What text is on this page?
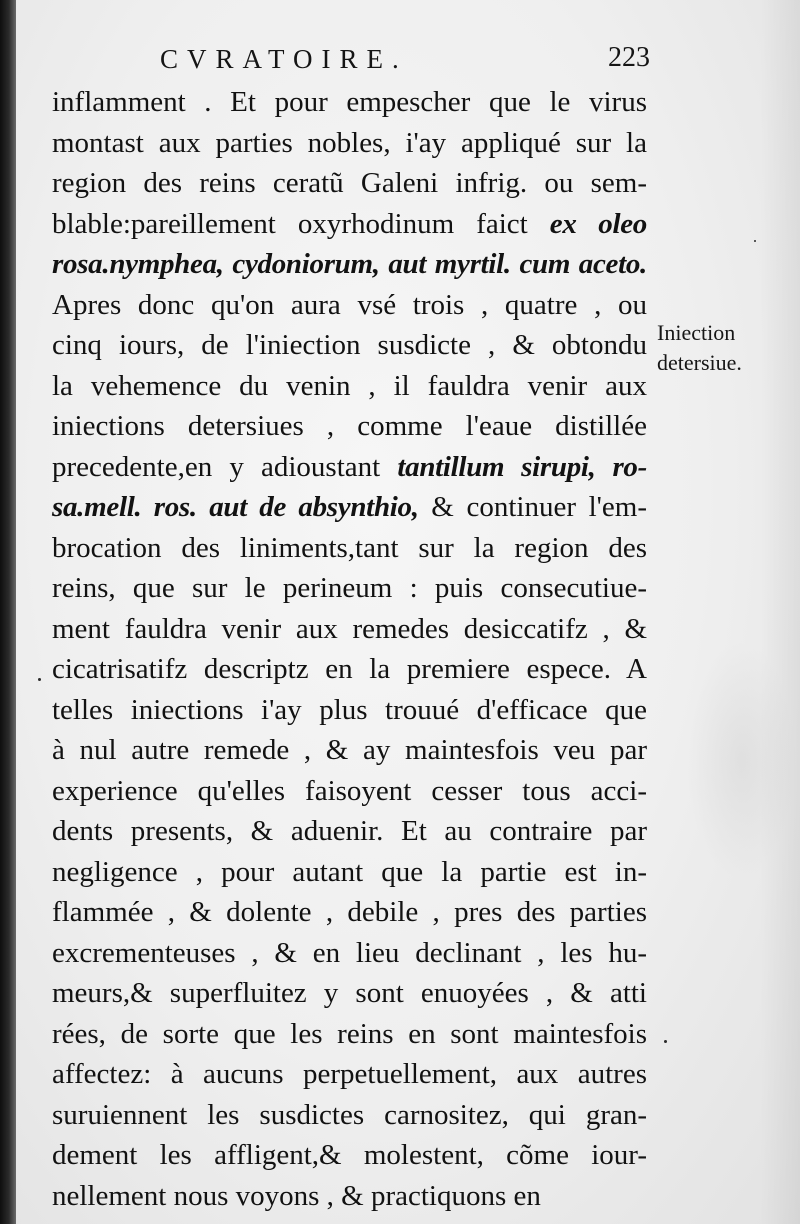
CVRATOIRE.	223
inflamment . Et pour empescher que le virus
montast aux parties nobles, i'ay appliqué sur la
region des reins ceratũ Galeni infrig. ou sem-
blable:pareillement oxyrhodinum faict ex oleo
rosa.nymphea, cydoniorum, aut myrtil. cum aceto.
Apres donc qu'on aura vsé trois , quatre , ou
cinq iours, de l'iniection susdicte , & obtondu
la vehemence du venin , il fauldra venir aux
iniections detersiues , comme l'eaue distillée
precedente,en y adioustant tantillum sirupi, ro-
sa.mell. ros. aut de absynthio, & continuer l'em-
brocation des liniments,tant sur la region des
reins, que sur le perineum : puis consecutiue-
ment fauldra venir aux remedes desiccatifz , &
cicatrisatifz descriptz en la premiere espece. A
telles iniections i'ay plus trouué d'efficace que
à nul autre remede , & ay maintesfois veu par
experience qu'elles faisoyent cesser tous acci-
dents presents, & aduenir. Et au contraire par
negligence , pour autant que la partie est in-
flammée , & dolente , debile , pres des parties
excrementeuses , & en lieu declinant , les hu-
meurs,& superfluitez y sont enuoyées , & atti
rées, de sorte que les reins en sont maintesfois
affectez: à aucuns perpetuellement, aux autres
suruiennent les susdictes carnositez, qui gran-
dement les affligent,& molestent, cõme iour-
nellement nous voyons , & practiquons en
Iniection
detersiue.
